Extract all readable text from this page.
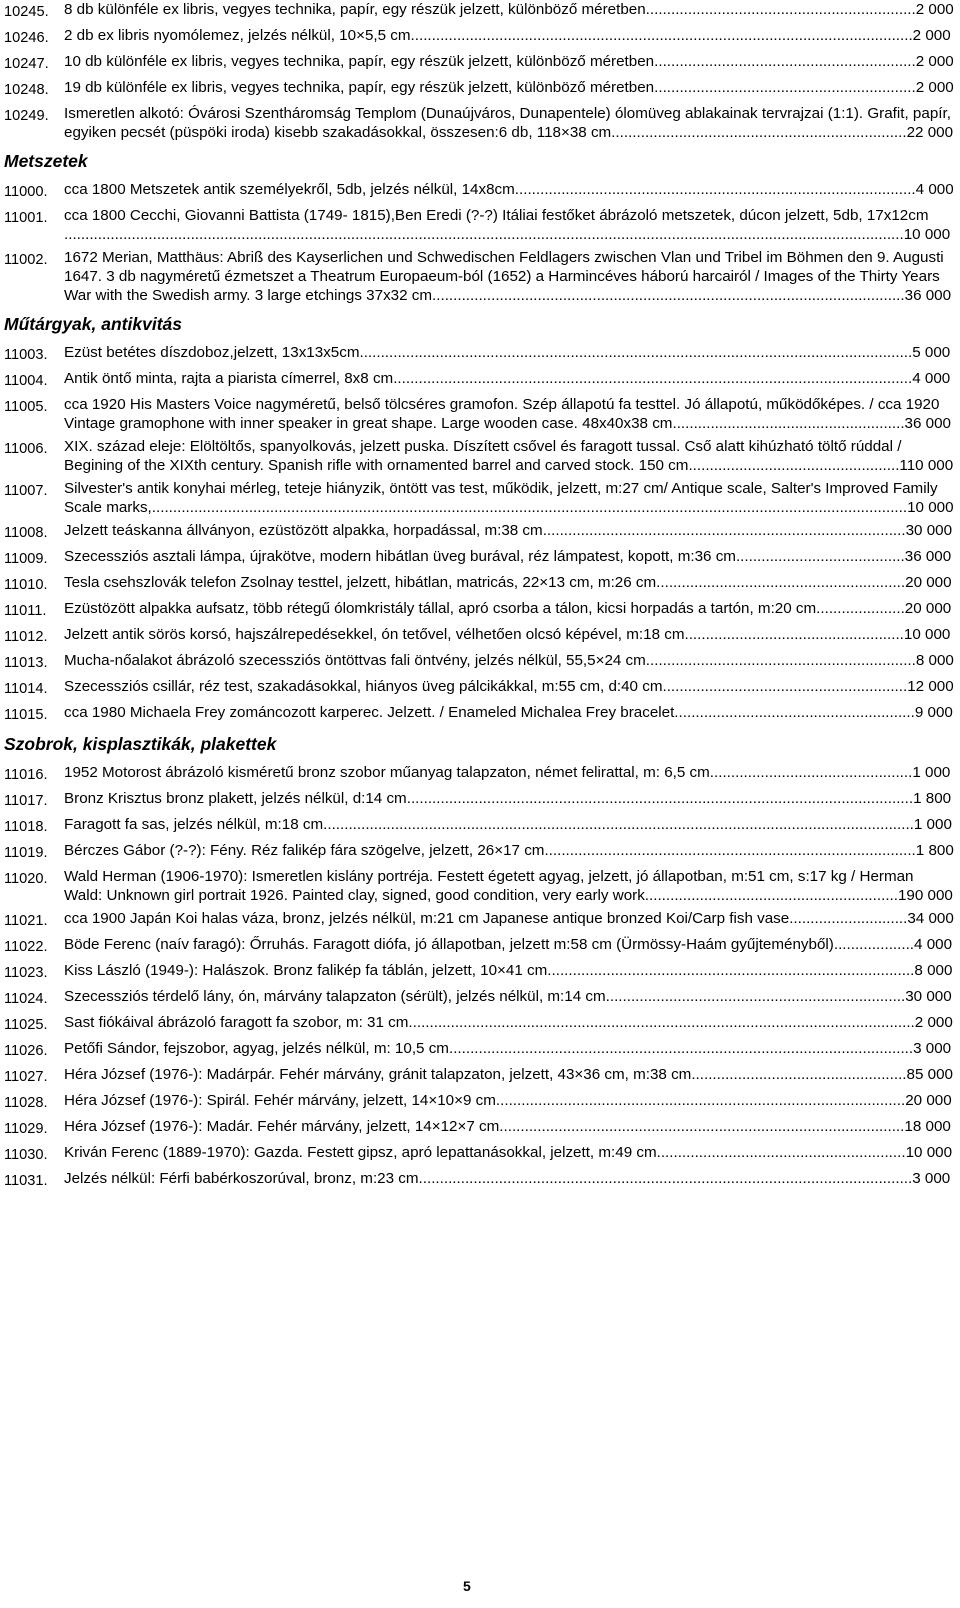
10245.	8 db különféle ex libris, vegyes technika, papír, egy részük jelzett, különböző méretben ................................................................ 2 000
10246.	2 db ex libris nyomólemez, jelzés nélkül, 10×5,5 cm ....................................................................................................................... 2 000
10247.	10 db különféle ex libris, vegyes technika, papír, egy részük jelzett, különböző méretben .............................................................. 2 000
10248.	19 db különféle ex libris, vegyes technika, papír, egy részük jelzett, különböző méretben .............................................................. 2 000
10249.	Ismeretlen alkotó: Óvárosi Szentháromság Templom (Dunaújváros, Dunapentele) ólomüveg ablakainak tervrajzai (1:1). Grafit, papír, egyiken pecsét (püspöki iroda) kisebb szakadásokkal, összesen:6 db, 118×38 cm ...................................................................... 22 000
Metszetek
11000.	cca 1800 Metszetek antik személyekről, 5db, jelzés nélkül, 14x8cm ............................................................................................... 4 000
11001.	cca 1800 Cecchi, Giovanni Battista (1749- 1815),Ben Eredi (?-?) Itáliai festőket ábrázoló metszetek, dúcon jelzett, 5db, 17x12cm
....................................................................................................................................................................................................... 10 000
11002.	1672 Merian, Matthäus: Abriß des Kayserlichen und Schwedischen Feldlagers zwischen Vlan und Tribel im Böhmen den 9. Augusti 1647. 3 db nagyméretű ézmetszet a Theatrum Europaeum-ból (1652) a Harmincéves háború harcairól / Images of the Thirty Years War with the Swedish army. 3 large etchings 37x32 cm ................................................................................................................ 36 000
Műtárgyak, antikvitás
11003.	Ezüst betétes díszdoboz,jelzett, 13x13x5cm ................................................................................................................................... 5 000
11004.	Antik öntő minta, rajta a piarista címerrel, 8x8 cm ........................................................................................................................... 4 000
11005.	cca 1920 His Masters Voice nagyméretű, belső tölcséres gramofon. Szép állapotú fa testtel. Jó állapotú, működőképes. / cca 1920 Vintage gramophone with inner speaker in great shape. Large wooden case. 48x40x38 cm ....................................................... 36 000
11006.	XIX. század eleje: Elöltöltős, spanyolkovás, jelzett puska. Díszített csővel és faragott tussal. Cső alatt kihúzható töltő rúddal / Begining of the XIXth century. Spanish rifle with ornamented barrel and carved stock. 150 cm .................................................. 110 000
11007.	Silvester's antik konyhai mérleg, teteje hiányzik, öntött vas test, működik, jelzett, m:27 cm/ Antique scale, Salter's Improved Family Scale marks, ................................................................................................................................................................................... 10 000
11008.	Jelzett teáskanna állványon, ezüstözött alpakka, horpadással, m:38 cm ...................................................................................... 30 000
11009.	Szecessziós asztali lámpa, újrakötve, modern hibátlan üveg burával, réz lámpatest, kopott, m:36 cm ........................................ 36 000
11010.	Tesla csehszlovák telefon Zsolnay testtel, jelzett, hibátlan, matricás, 22×13 cm, m:26 cm ........................................................... 20 000
11011.	Ezüstözött alpakka aufsatz, több rétegű ólomkristály tállal, apró csorba a tálon, kicsi horpadás a tartón, m:20 cm ..................... 20 000
11012.	Jelzett antik sörös korsó, hajszálrepedésekkel, ón tetővel, vélhetően olcsó képével, m:18 cm .................................................... 10 000
11013.	Mucha-nőalakot ábrázoló szecessziós öntöttvas fali öntvény, jelzés nélkül, 55,5×24 cm ................................................................ 8 000
11014.	Szecessziós csillár, réz test, szakadásokkal, hiányos üveg pálcikákkal, m:55 cm, d:40 cm .......................................................... 12 000
11015.	cca 1980 Michaela Frey zománcozott karperec. Jelzett. / Enameled Michalea Frey bracelet. ........................................................ 9 000
Szobrok, kisplasztikák, plakettek
11016.	1952 Motorost ábrázoló kisméretű bronz szobor műanyag talapzaton, német felirattal, m: 6,5 cm ................................................ 1 000
11017.	Bronz Krisztus bronz plakett, jelzés nélkül, d:14 cm ........................................................................................................................ 1 800
11018.	Faragott fa sas, jelzés nélkül, m:18 cm ............................................................................................................................................ 1 000
11019.	Bérczes Gábor (?-?): Fény. Réz falikép fára szögelve, jelzett, 26×17 cm ........................................................................................ 1 800
11020.	Wald Herman (1906-1970): Ismeretlen kislány portréja. Festett égetett agyag, jelzett, jó állapotban, m:51 cm, s:17 kg / Herman Wald: Unknown girl portrait 1926. Painted clay, signed, good condition, very early work ............................................................ 190 000
11021.	cca 1900 Japán Koi halas váza, bronz, jelzés nélkül, m:21 cm Japanese antique bronzed Koi/Carp fish vase ............................ 34 000
11022.	Böde Ferenc (naív faragó): Őrruhás. Faragott diófa, jó állapotban, jelzett m:58 cm (Ürmössy-Haám gyűjteményből) ................... 4 000
11023.	Kiss László (1949-): Halászok. Bronz falikép fa táblán, jelzett, 10×41 cm ....................................................................................... 8 000
11024.	Szecessziós térdelő lány, ón, márvány talapzaton (sérült), jelzés nélkül, m:14 cm ....................................................................... 30 000
11025.	Sast fiókáival ábrázoló faragott fa szobor, m: 31 cm ........................................................................................................................ 2 000
11026.	Petőfi Sándor, fejszobor, agyag, jelzés nélkül, m: 10,5 cm .............................................................................................................. 3 000
11027.	Héra József (1976-): Madárpár. Fehér márvány, gránit talapzaton, jelzett, 43×36 cm, m:38 cm ................................................... 85 000
11028.	Héra József (1976-): Spirál. Fehér márvány, jelzett, 14×10×9 cm ................................................................................................. 20 000
11029.	Héra József (1976-): Madár. Fehér márvány, jelzett, 14×12×7 cm ................................................................................................ 18 000
11030.	Kriván Ferenc (1889-1970): Gazda. Festett gipsz, apró lepattanásokkal, jelzett, m:49 cm ........................................................... 10 000
11031.	Jelzés nélkül: Férfi babérkoszorúval, bronz, m:23 cm ..................................................................................................................... 3 000
5
